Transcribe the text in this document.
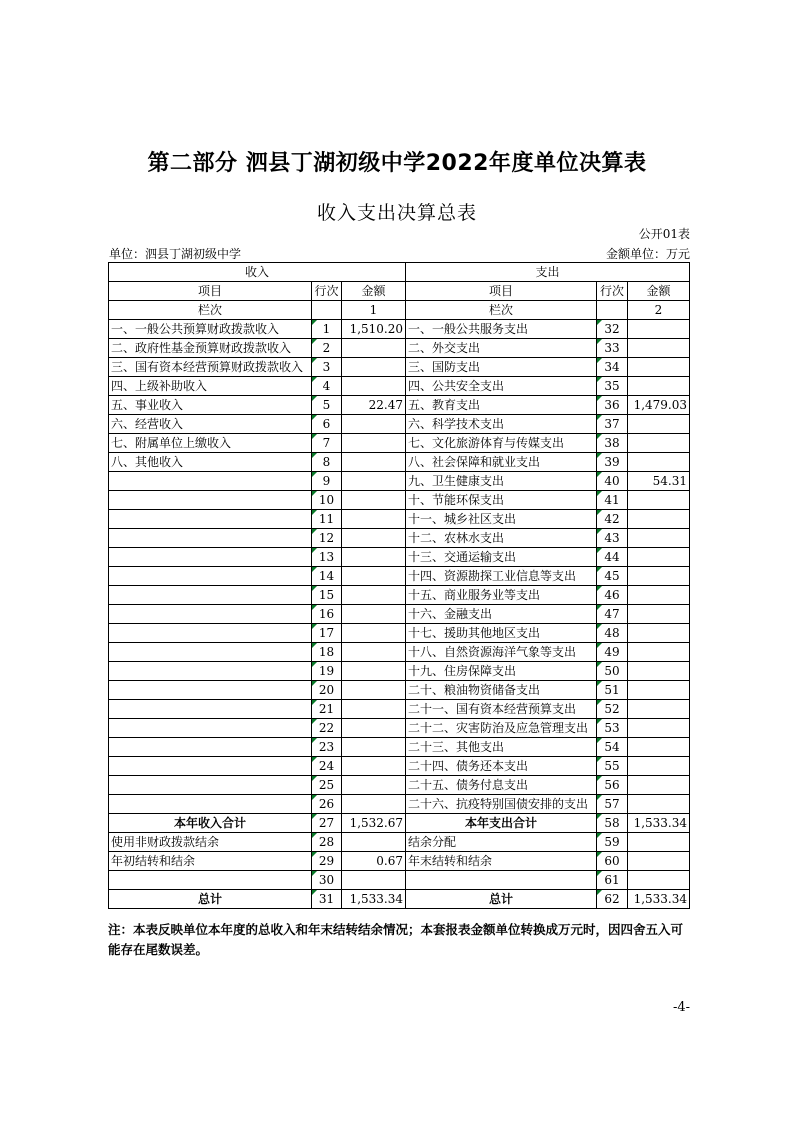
第二部分 泗县丁湖初级中学2022年度单位决算表
收入支出决算总表
公开01表
单位：泗县丁湖初级中学	金额单位：万元
收入			支出		
项目	行次	金额	项目	行次	金额
栏次		1	栏次		2
一、一般公共预算财政拨款收入	1	1,510.20	一、一般公共服务支出	32	
二、政府性基金预算财政拨款收入	2		二、外交支出	33	
三、国有资本经营预算财政拨款收入	3		三、国防支出	34	
四、上级补助收入	4		四、公共安全支出	35	
五、事业收入	5	22.47	五、教育支出	36	1,479.03
六、经营收入	6		六、科学技术支出	37	
七、附属单位上缴收入	7		七、文化旅游体育与传媒支出	38	
八、其他收入	8		八、社会保障和就业支出	39	
	9		九、卫生健康支出	40	54.31
	10		十、节能环保支出	41	
	11		十一、城乡社区支出	42	
	12		十二、农林水支出	43	
	13		十三、交通运输支出	44	
	14		十四、资源勘探工业信息等支出	45	
	15		十五、商业服务业等支出	46	
	16		十六、金融支出	47	
	17		十七、援助其他地区支出	48	
	18		十八、自然资源海洋气象等支出	49	
	19		十九、住房保障支出	50	
	20		二十、粮油物资储备支出	51	
	21		二十一、国有资本经营预算支出	52	
	22		二十二、灾害防治及应急管理支出	53	
	23		二十三、其他支出	54	
	24		二十四、债务还本支出	55	
	25		二十五、债务付息支出	56	
	26		二十六、抗疫特别国债安排的支出	57	
本年收入合计	27	1,532.67	本年支出合计	58	1,533.34
使用非财政拨款结余	28		结余分配	59	
年初结转和结余	29	0.67	年末结转和结余	60	
	30			61	
总计	31	1,533.34	总计	62	1,533.34
注：本表反映单位本年度的总收入和年末结转结余情况；本套报表金额单位转换成万元时，因四舍五入可能存在尾数误差。
-4-
